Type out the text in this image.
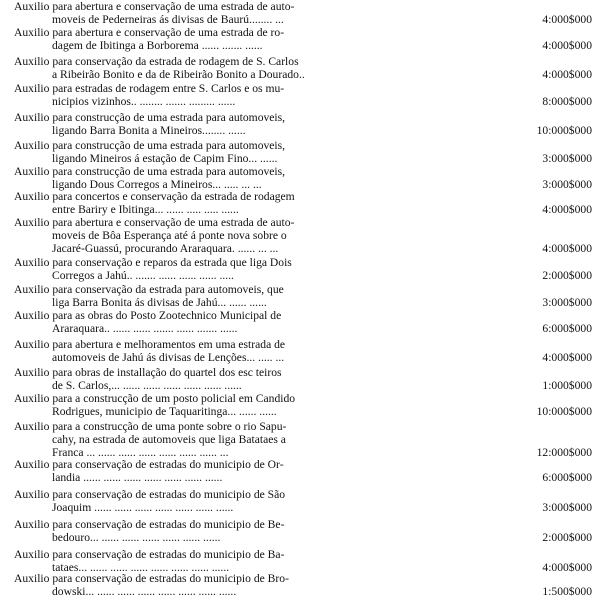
Auxilio para abertura e conservação de uma estrada de auto-
moveis de Pederneiras ás divisas de Baurú........ ...	4:000$000
Auxilio para abertura e conservação de uma estrada de ro-
dagem de Ibitinga a Borborema ...... ....... ......	4:000$000
Auxilio para conservação da estrada de rodagem de S. Carlos
a Ribeirão Bonito e da de Ribeirão Bonito a Dourado..	4:000$000
Auxilio para estradas de rodagem entre S. Carlos e os mu-
nicipios vizinhos.. ........ ....... ......... ......	8:000$000
Auxilio para construcção de uma estrada para automoveis,
ligando Barra Bonita a Mineiros........ ......	10:000$000
Auxilio para construcção de uma estrada para automoveis,
ligando Mineiros á estação de Capim Fino... ......	3:000$000
Auxilio para construcção de uma estrada para automoveis,
ligando Dous Corregos a Mineiros... ..... ... ...	3:000$000
Auxilio para concertos e conservação da estrada de rodagem
entre Bariry e Ibitinga... ...... ..... ..... ......	4:000$000
Auxilio para abertura e conservação de uma estrada de auto-
moveis de Bôa Esperança até á ponte nova sobre o
Jacaré-Guassú, procurando Araraquara. ...... ... ...	4:000$000
Auxilio para conservação e reparos da estrada que liga Dois
Corregos a Jahú.. ....... ...... ...... ...... .....	2:000$000
Auxilio para conservação da estrada para automoveis, que
liga Barra Bonita ás divisas de Jahú... ...... ......	3:000$000
Auxilio para as obras do Posto Zootechnico Municipal de
Araraquara.. ...... ...... ....... ...... ....... ......	6:000$000
Auxilio para abertura e melhoramentos em uma estrada de
automoveis de Jahú ás divisas de Lenções... ..... ...	4:000$000
Auxilio para obras de installação do quartel dos esc teiros
de S. Carlos,... ...... ...... ...... ...... ...... ......	1:000$000
Auxilio para a construcção de um posto policial em Candido
Rodrigues, municipio de Taquaritinga... ...... ......	10:000$000
Auxilio para a construcção de uma ponte sobre o rio Sapu-
cahy, na estrada de automoveis que liga Batataes a
Franca ... ...... ...... ...... ...... ...... ...... ...	12:000$000
Auxilio para conservação de estradas do municipio de Or-
landia ...... ...... ...... ...... ...... ...... ......	6:000$000
Auxilio para conservação de estradas do municipio de São
Joaquim ...... ...... ...... ...... ...... ...... ......	3:000$000
Auxilio para conservação de estradas do municipio de Be-
bedouro... ...... ...... ...... ...... ...... ......	2:000$000
Auxilio para conservação de estradas do municipio de Ba-
tataes... ...... ...... ...... ...... ...... ...... ......	4:000$000
Auxilio para conservação de estradas do municipio de Bro-
dowski... ...... ...... ...... ...... ...... ...... ......	1:500$000
